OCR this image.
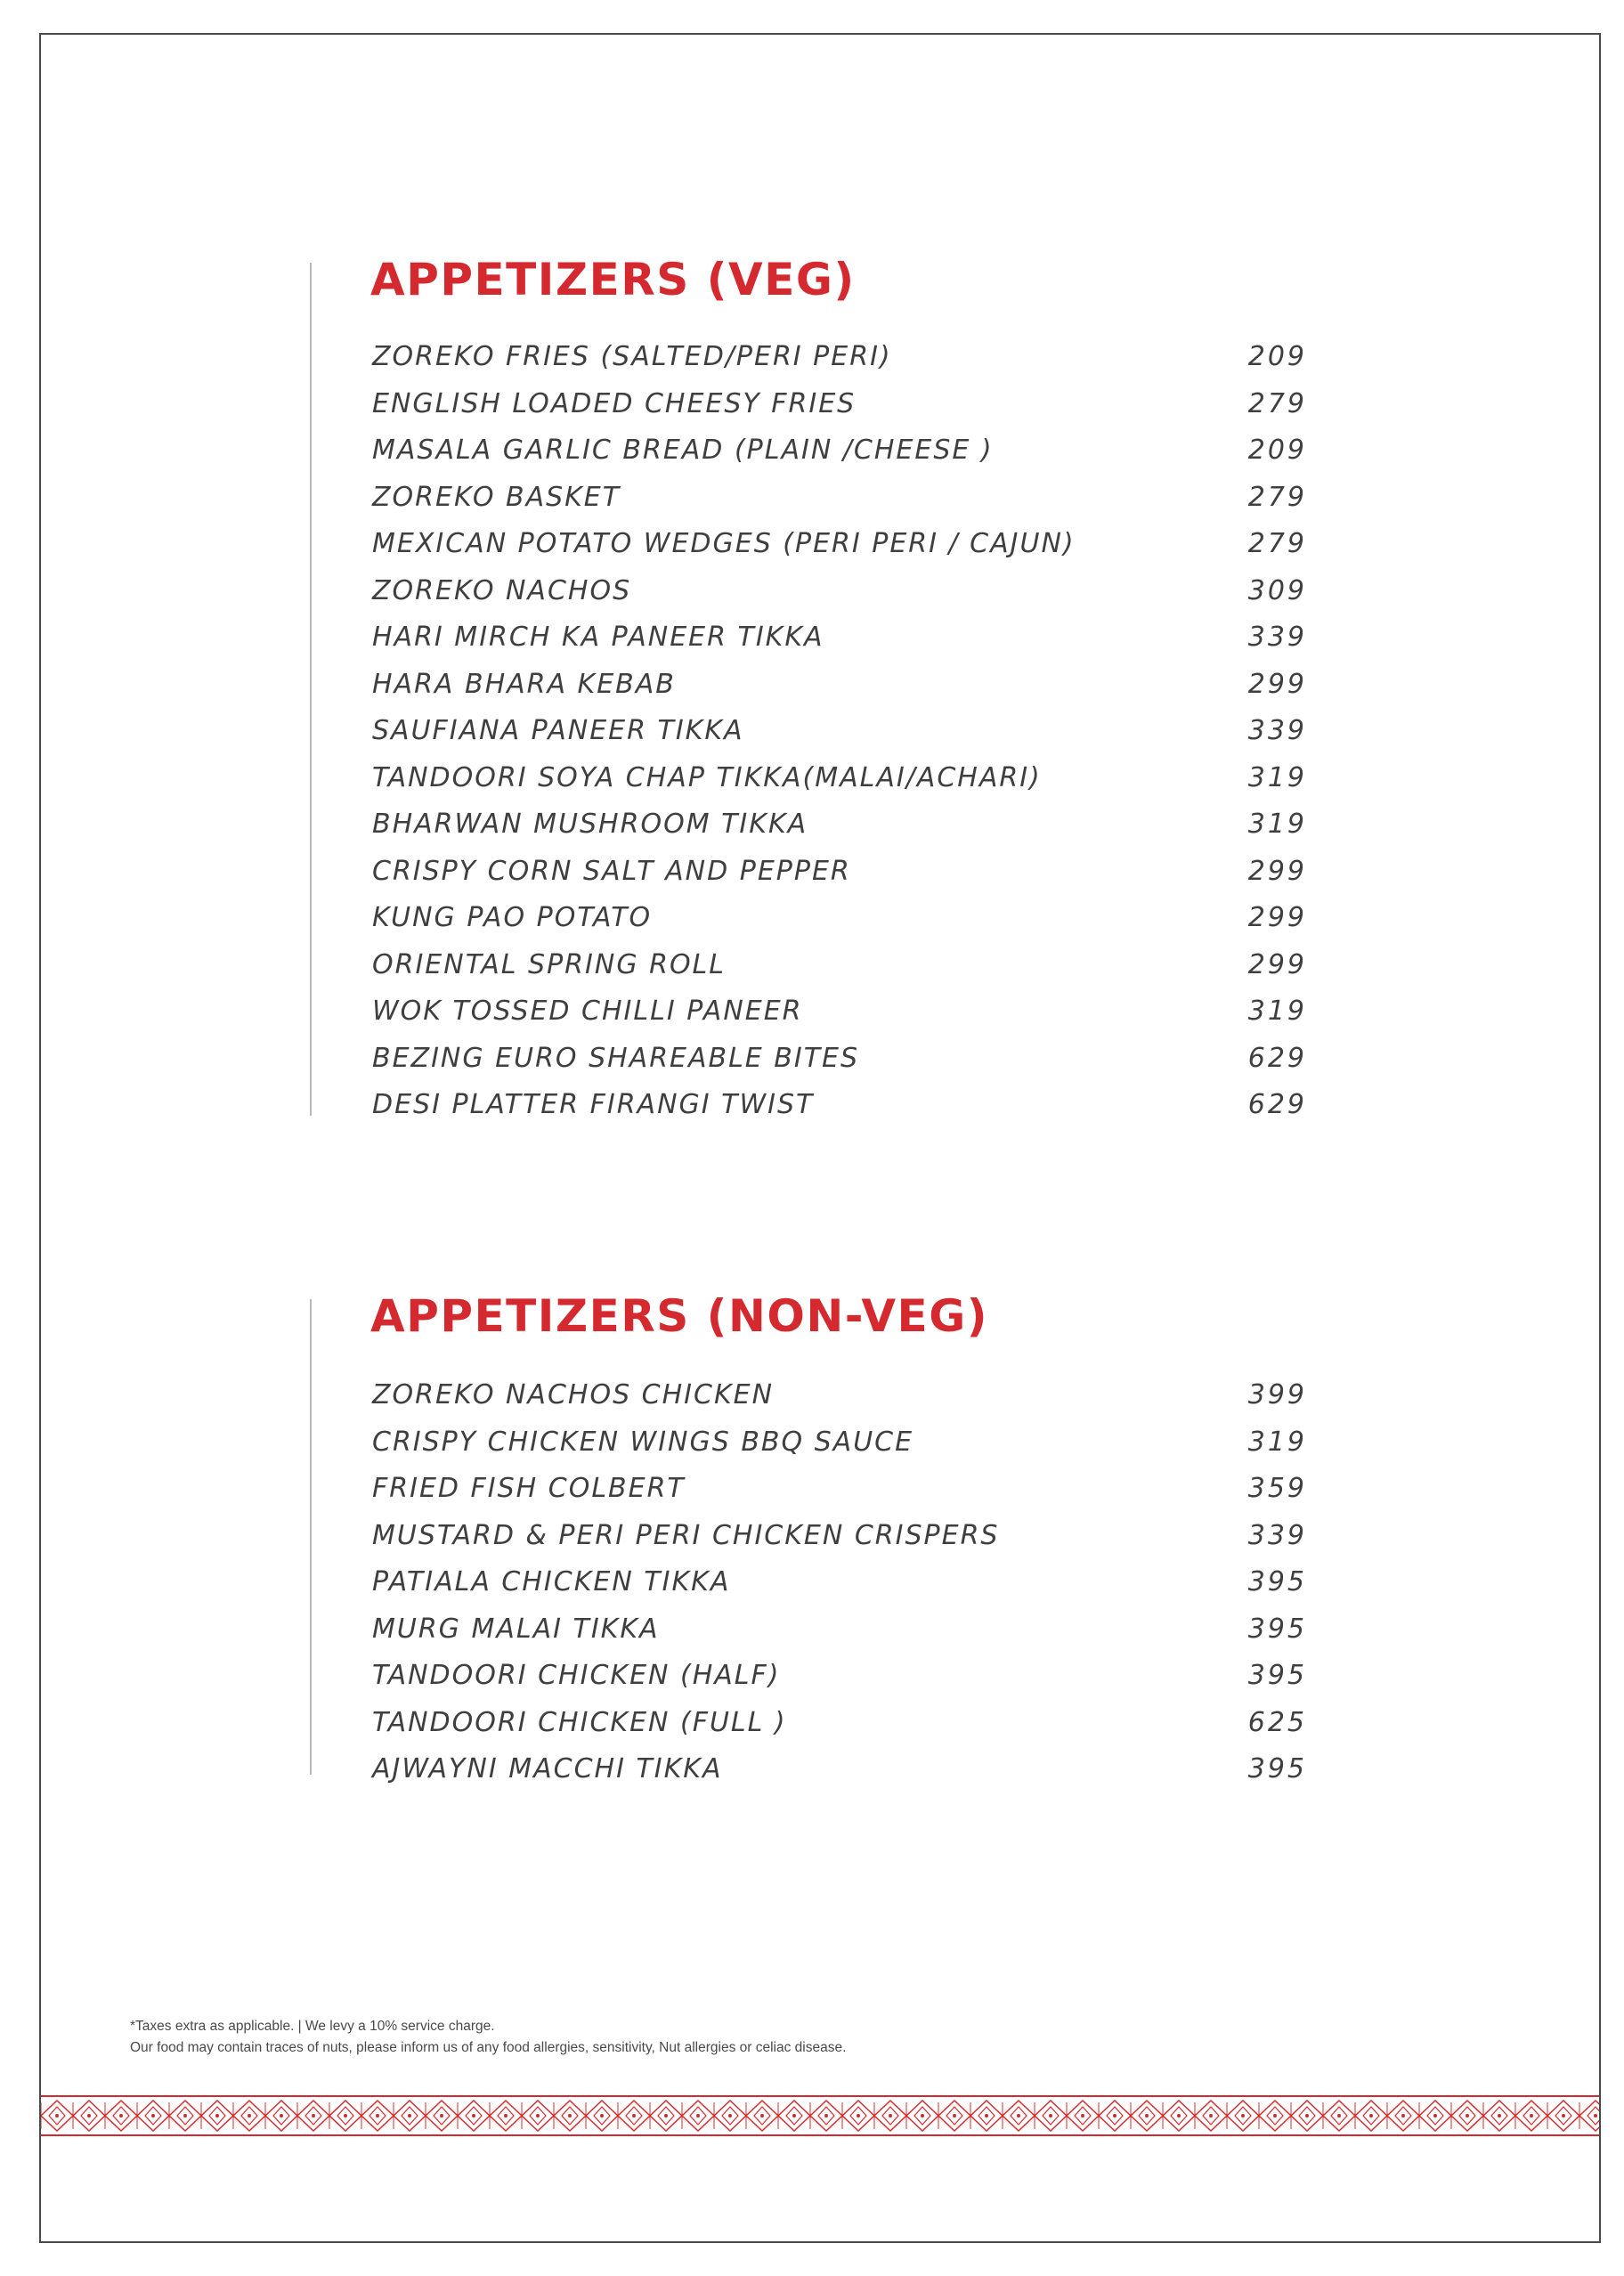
APPETIZERS (VEG)
ZOREKO FRIES (SALTED/PERI PERI)	209
ENGLISH LOADED CHEESY FRIES	279
MASALA GARLIC BREAD (PLAIN /CHEESE )	209
ZOREKO BASKET	279
MEXICAN POTATO WEDGES (PERI PERI / CAJUN)	279
ZOREKO NACHOS	309
HARI MIRCH KA PANEER TIKKA	339
HARA BHARA KEBAB	299
SAUFIANA PANEER TIKKA	339
TANDOORI SOYA CHAP TIKKA(MALAI/ACHARI)	319
BHARWAN MUSHROOM TIKKA	319
CRISPY CORN SALT AND PEPPER	299
KUNG PAO POTATO	299
ORIENTAL SPRING ROLL	299
WOK TOSSED CHILLI PANEER	319
BEZING EURO SHAREABLE BITES	629
DESI PLATTER FIRANGI TWIST	629
APPETIZERS (NON-VEG)
ZOREKO NACHOS CHICKEN	399
CRISPY CHICKEN WINGS BBQ SAUCE	319
FRIED FISH COLBERT	359
MUSTARD & PERI PERI CHICKEN CRISPERS	339
PATIALA CHICKEN TIKKA	395
MURG MALAI TIKKA	395
TANDOORI CHICKEN (HALF)	395
TANDOORI CHICKEN (FULL )	625
AJWAYNI MACCHI TIKKA	395
*Taxes extra as applicable. | We levy a 10% service charge.
Our food may contain traces of nuts, please inform us of any food allergies, sensitivity, Nut allergies or celiac disease.
